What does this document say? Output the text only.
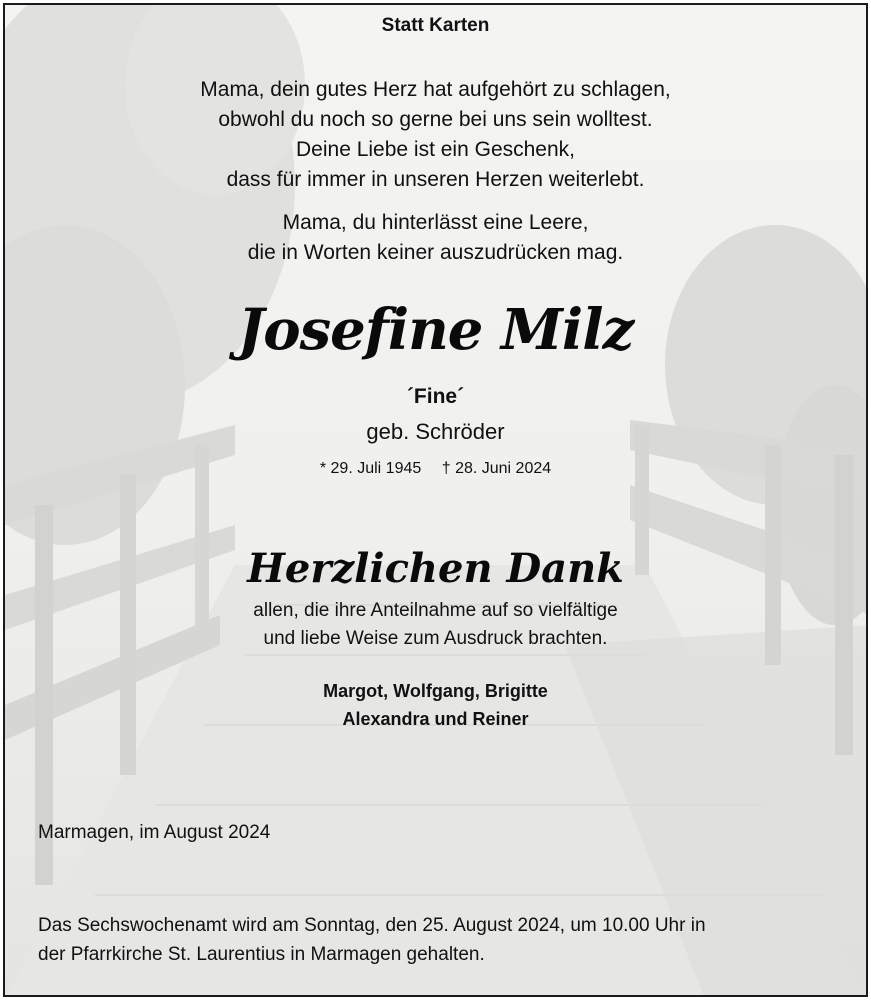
Statt Karten
Mama, dein gutes Herz hat aufgehört zu schlagen,
obwohl du noch so gerne bei uns sein wolltest.
Deine Liebe ist ein Geschenk,
dass für immer in unseren Herzen weiterlebt.
Mama, du hinterlässt eine Leere,
die in Worten keiner auszudrücken mag.
Josefine Milz
´Fine´
geb. Schröder
* 29. Juli 1945 † 28. Juni 2024
Herzlichen Dank
allen, die ihre Anteilnahme auf so vielfältige
und liebe Weise zum Ausdruck brachten.
Margot, Wolfgang, Brigitte
Alexandra und Reiner
Marmagen, im August 2024
Das Sechswochenamt wird am Sonntag, den 25. August 2024, um 10.00 Uhr in
der Pfarrkirche St. Laurentius in Marmagen gehalten.
